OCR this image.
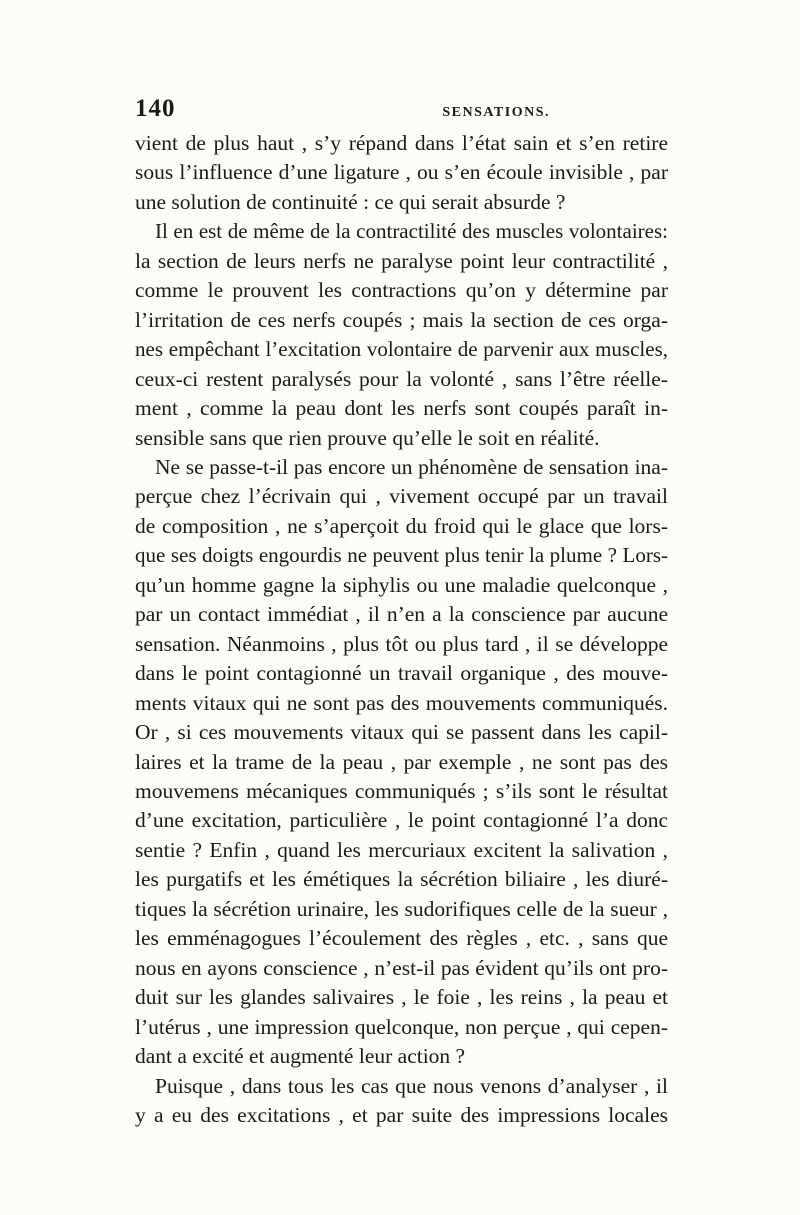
140	SENSATIONS.

vient de plus haut , s’y répand dans l’état sain et s’en retire
sous l’influence d’une ligature , ou s’en écoule invisible , par
une solution de continuité : ce qui serait absurde ?

Il en est de même de la contractilité des muscles volontaires:
la section de leurs nerfs ne paralyse point leur contractilité ,
comme le prouvent les contractions qu’on y détermine par
l’irritation de ces nerfs coupés ; mais la section de ces orga-
nes empêchant l’excitation volontaire de parvenir aux muscles,
ceux-ci restent paralysés pour la volonté , sans l’être réelle-
ment , comme la peau dont les nerfs sont coupés paraît in-
sensible sans que rien prouve qu’elle le soit en réalité.

Ne se passe-t-il pas encore un phénomène de sensation ina-
perçue chez l’écrivain qui , vivement occupé par un travail
de composition , ne s’aperçoit du froid qui le glace que lors-
que ses doigts engourdis ne peuvent plus tenir la plume ? Lors-
qu’un homme gagne la siphylis ou une maladie quelconque ,
par un contact immédiat , il n’en a la conscience par aucune
sensation. Néanmoins , plus tôt ou plus tard , il se développe
dans le point contagionné un travail organique , des mouve-
ments vitaux qui ne sont pas des mouvements communiqués.
Or , si ces mouvements vitaux qui se passent dans les capil-
laires et la trame de la peau , par exemple , ne sont pas des
mouvemens mécaniques communiqués ; s’ils sont le résultat
d’une excitation, particulière , le point contagionné l’a donc
sentie ? Enfin , quand les mercuriaux excitent la salivation ,
les purgatifs et les émétiques la sécrétion biliaire , les diuré-
tiques la sécrétion urinaire, les sudorifiques celle de la sueur ,
les emménagogues l’écoulement des règles , etc. , sans que
nous en ayons conscience , n’est-il pas évident qu’ils ont pro-
duit sur les glandes salivaires , le foie , les reins , la peau et
l’utérus , une impression quelconque, non perçue , qui cepen-
dant a excité et augmenté leur action ?

Puisque , dans tous les cas que nous venons d’analyser , il
y a eu des excitations , et par suite des impressions locales
